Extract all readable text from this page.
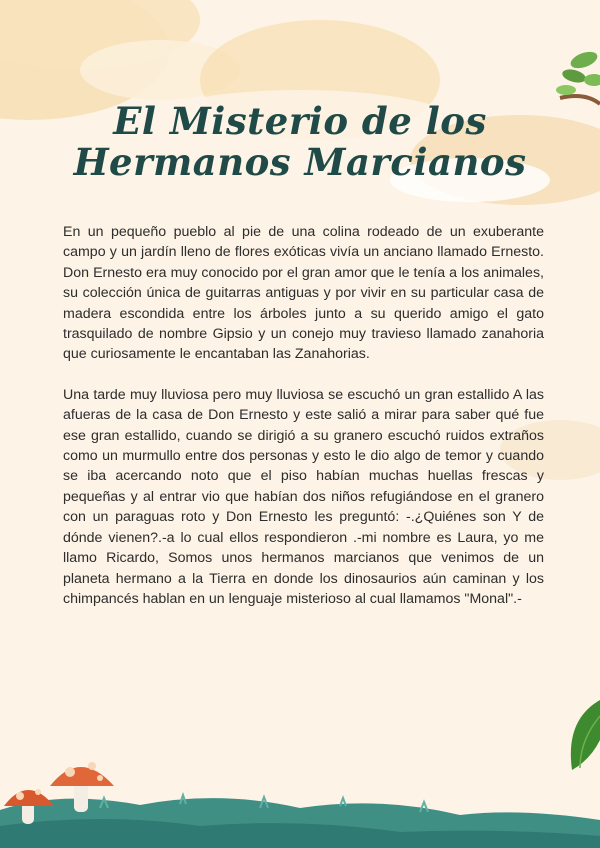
El Misterio de los
Hermanos Marcianos

En un pequeño pueblo al pie de una colina rodeado de un exuberante campo y un jardín lleno de flores exóticas vivía un anciano llamado Ernesto. Don Ernesto era muy conocido por el gran amor que le tenía a los animales, su colección única de guitarras antiguas y por vivir en su particular casa de madera escondida entre los árboles junto a su querido amigo el gato trasquilado de nombre Gipsio y un conejo muy travieso llamado zanahoria que curiosamente le encantaban las Zanahorias.

Una tarde muy lluviosa pero muy lluviosa se escuchó un gran estallido A las afueras de la casa de Don Ernesto y este salió a mirar para saber qué fue ese gran estallido, cuando se dirigió a su granero escuchó ruidos extraños como un murmullo entre dos personas y esto le dio algo de temor y cuando se iba acercando noto que el piso habían muchas huellas frescas y pequeñas y al entrar vio que habían dos niños refugiándose en el granero con un paraguas roto y Don Ernesto les preguntó: -.¿Quiénes son Y de dónde vienen?.-a lo cual ellos respondieron .-mi nombre es Laura, yo me llamo Ricardo, Somos unos hermanos marcianos que venimos de un planeta hermano a la Tierra en donde los dinosaurios aún caminan y los chimpancés hablan en un lenguaje misterioso al cual llamamos "Monal".-
